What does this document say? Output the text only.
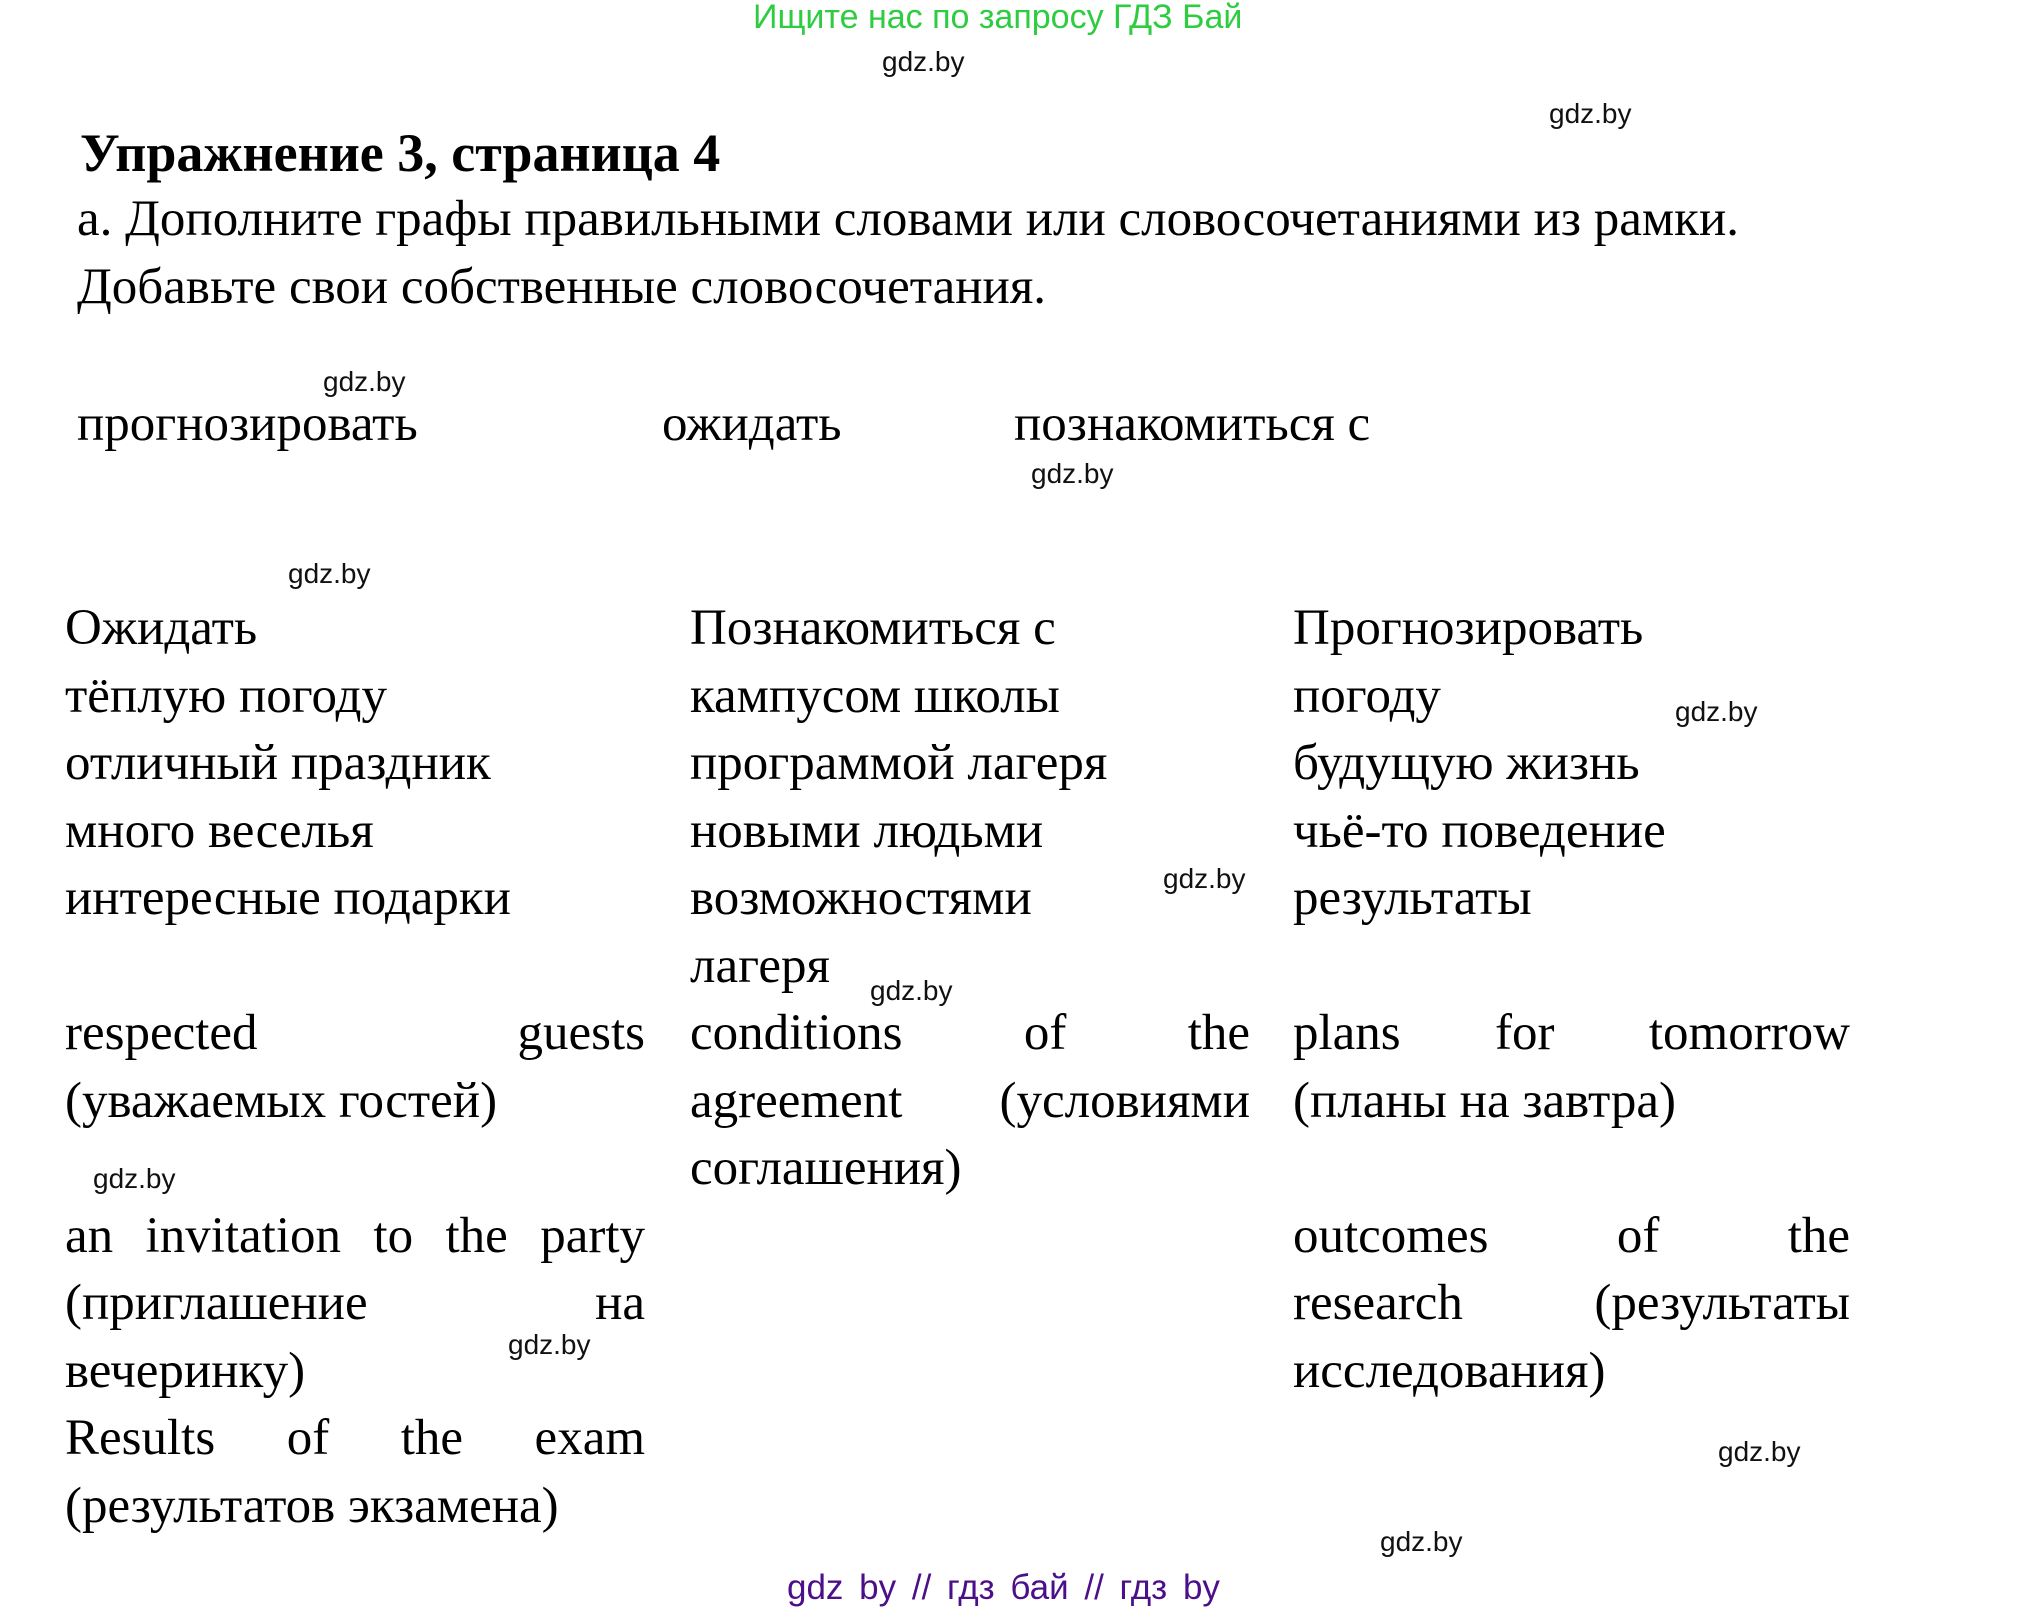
Ищите нас по запросу ГДЗ Бай
gdz.by
gdz.by
gdz.by
gdz.by
gdz.by
gdz.by
gdz.by
gdz.by
gdz.by
gdz.by
gdz.by
gdz.by
Упражнение 3, страница 4
a. Дополните графы правильными словами или словосочетаниями из рамки.
Добавьте свои собственные словосочетания.
прогнозировать	ожидать	познакомиться с
Ожидать
тёплую погоду
отличный праздник
много веселья
интересные подарки
respected guests
(уважаемых гостей)
an invitation to the party
(приглашение на
вечеринку)
Results of the exam
(результатов экзамена)
Познакомиться с
кампусом школы
программой лагеря
новыми людьми
возможностями
лагеря
conditions of the
agreement (условиями
соглашения)
Прогнозировать
погоду
будущую жизнь
чьё-то поведение
результаты
plans for tomorrow
(планы на завтра)
outcomes of the
research (результаты
исследования)
gdz by // гдз бай // гдз by
